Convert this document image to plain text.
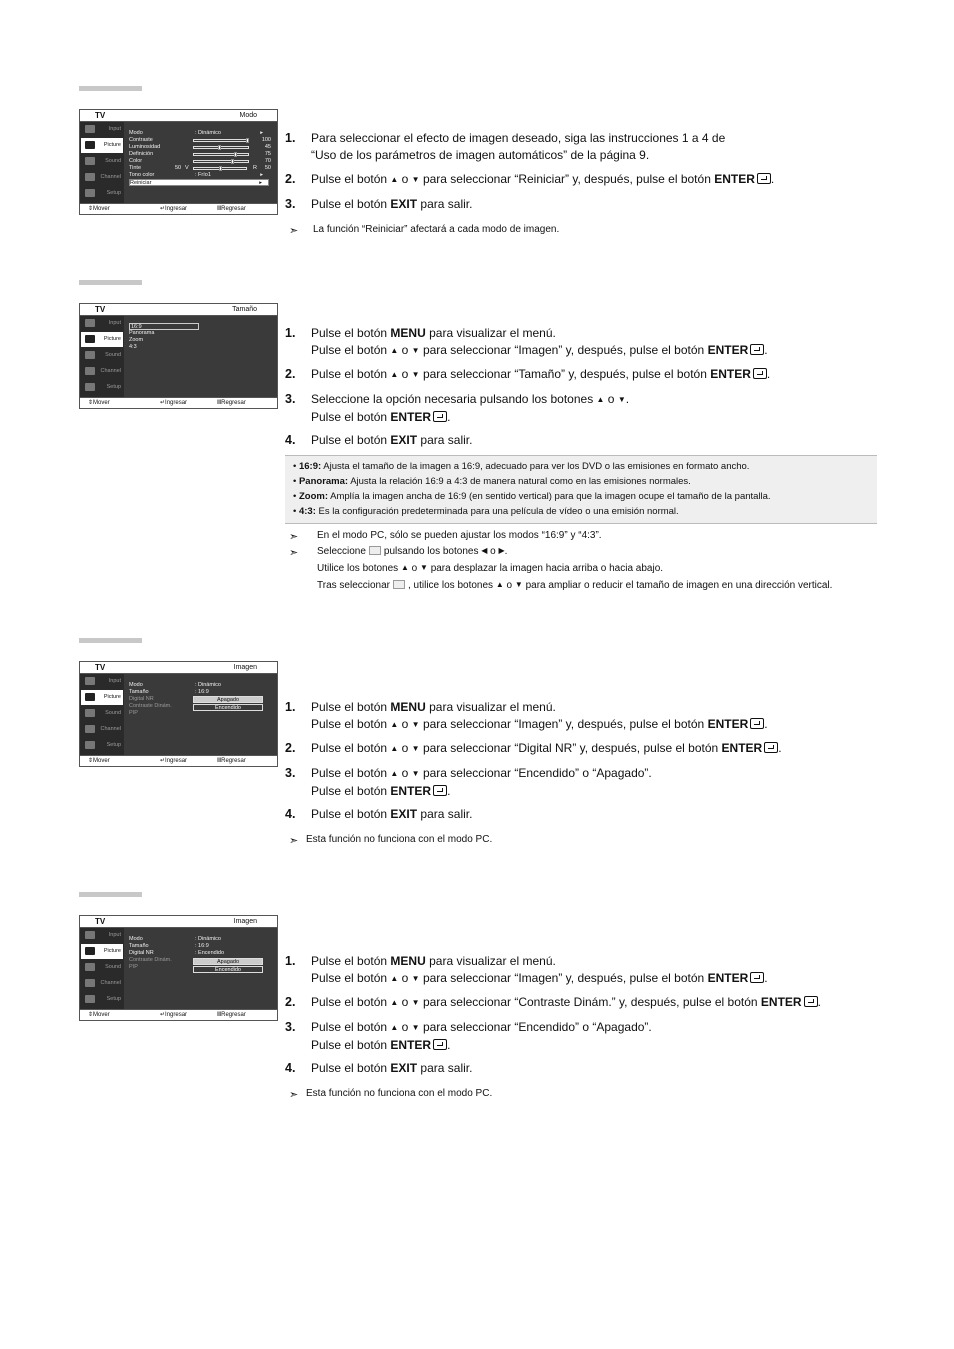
TV	Modo
Input
Picture
Sound
Channel
Setup
Modo	: Dinámico	▸
Contraste	100
Luminosidad	45
Definición	75
Color	70
Tinte	50 V	R 50
Tono color	: Frío1	▸
Reiniciar	▸
⇕ Mover	↵ Ingresar	Ⅲ Regresar
1. Para seleccionar el efecto de imagen deseado, siga las instrucciones 1 a 4 de
“Uso de los parámetros de imagen automáticos” de la página 9.
2. Pulse el botón ▲ o ▼ para seleccionar “Reiniciar” y, después, pulse el botón ENTER .
3. Pulse el botón EXIT para salir.
➣ La función “Reiniciar” afectará a cada modo de imagen.
TV	Tamaño
Input
Picture
Sound
Channel
Setup
16:9
Panorama
Zoom
4:3
⇕ Mover	↵ Ingresar	Ⅲ Regresar
1. Pulse el botón MENU para visualizar el menú.
Pulse el botón ▲ o ▼ para seleccionar “Imagen” y, después, pulse el botón ENTER .
2. Pulse el botón ▲ o ▼ para seleccionar “Tamaño” y, después, pulse el botón ENTER .
3. Seleccione la opción necesaria pulsando los botones ▲ o ▼.
Pulse el botón ENTER .
4. Pulse el botón EXIT para salir.
• 16:9: Ajusta el tamaño de la imagen a 16:9, adecuado para ver los DVD o las emisiones en formato ancho.
• Panorama: Ajusta la relación 16:9 a 4:3 de manera natural como en las emisiones normales.
• Zoom: Amplía la imagen ancha de 16:9 (en sentido vertical) para que la imagen ocupe el tamaño de la pantalla.
• 4:3: Es la configuración predeterminada para una película de vídeo o una emisión normal.
➣ En el modo PC, sólo se pueden ajustar los modos “16:9” y “4:3”.
➣ Seleccione pulsando los botones ◀ o ▶.
Utilice los botones ▲ o ▼ para desplazar la imagen hacia arriba o hacia abajo.
Tras seleccionar , utilice los botones ▲ o ▼ para ampliar o reducir el tamaño de imagen en una dirección vertical.
TV	Imagen
Input
Picture
Sound
Channel
Setup
Modo	: Dinámico
Tamaño	: 16:9
Digital NR
Contraste Dinám.
PIP
Apagado
Encendido
⇕ Mover	↵ Ingresar	Ⅲ Regresar
1. Pulse el botón MENU para visualizar el menú.
Pulse el botón ▲ o ▼ para seleccionar “Imagen” y, después, pulse el botón ENTER .
2. Pulse el botón ▲ o ▼ para seleccionar “Digital NR” y, después, pulse el botón ENTER .
3. Pulse el botón ▲ o ▼ para seleccionar “Encendido” o “Apagado”.
Pulse el botón ENTER .
4. Pulse el botón EXIT para salir.
➣ Esta función no funciona con el modo PC.
TV	Imagen
Input
Picture
Sound
Channel
Setup
Modo	: Dinámico
Tamaño	: 16:9
Digital NR	: Encendido
Contraste Dinám.
PIP
Apagado
Encendido
⇕ Mover	↵ Ingresar	Ⅲ Regresar
1. Pulse el botón MENU para visualizar el menú.
Pulse el botón ▲ o ▼ para seleccionar “Imagen” y, después, pulse el botón ENTER .
2. Pulse el botón ▲ o ▼ para seleccionar “Contraste Dinám.” y, después, pulse el botón ENTER .
3. Pulse el botón ▲ o ▼ para seleccionar “Encendido” o “Apagado”.
Pulse el botón ENTER .
4. Pulse el botón EXIT para salir.
➣ Esta función no funciona con el modo PC.
